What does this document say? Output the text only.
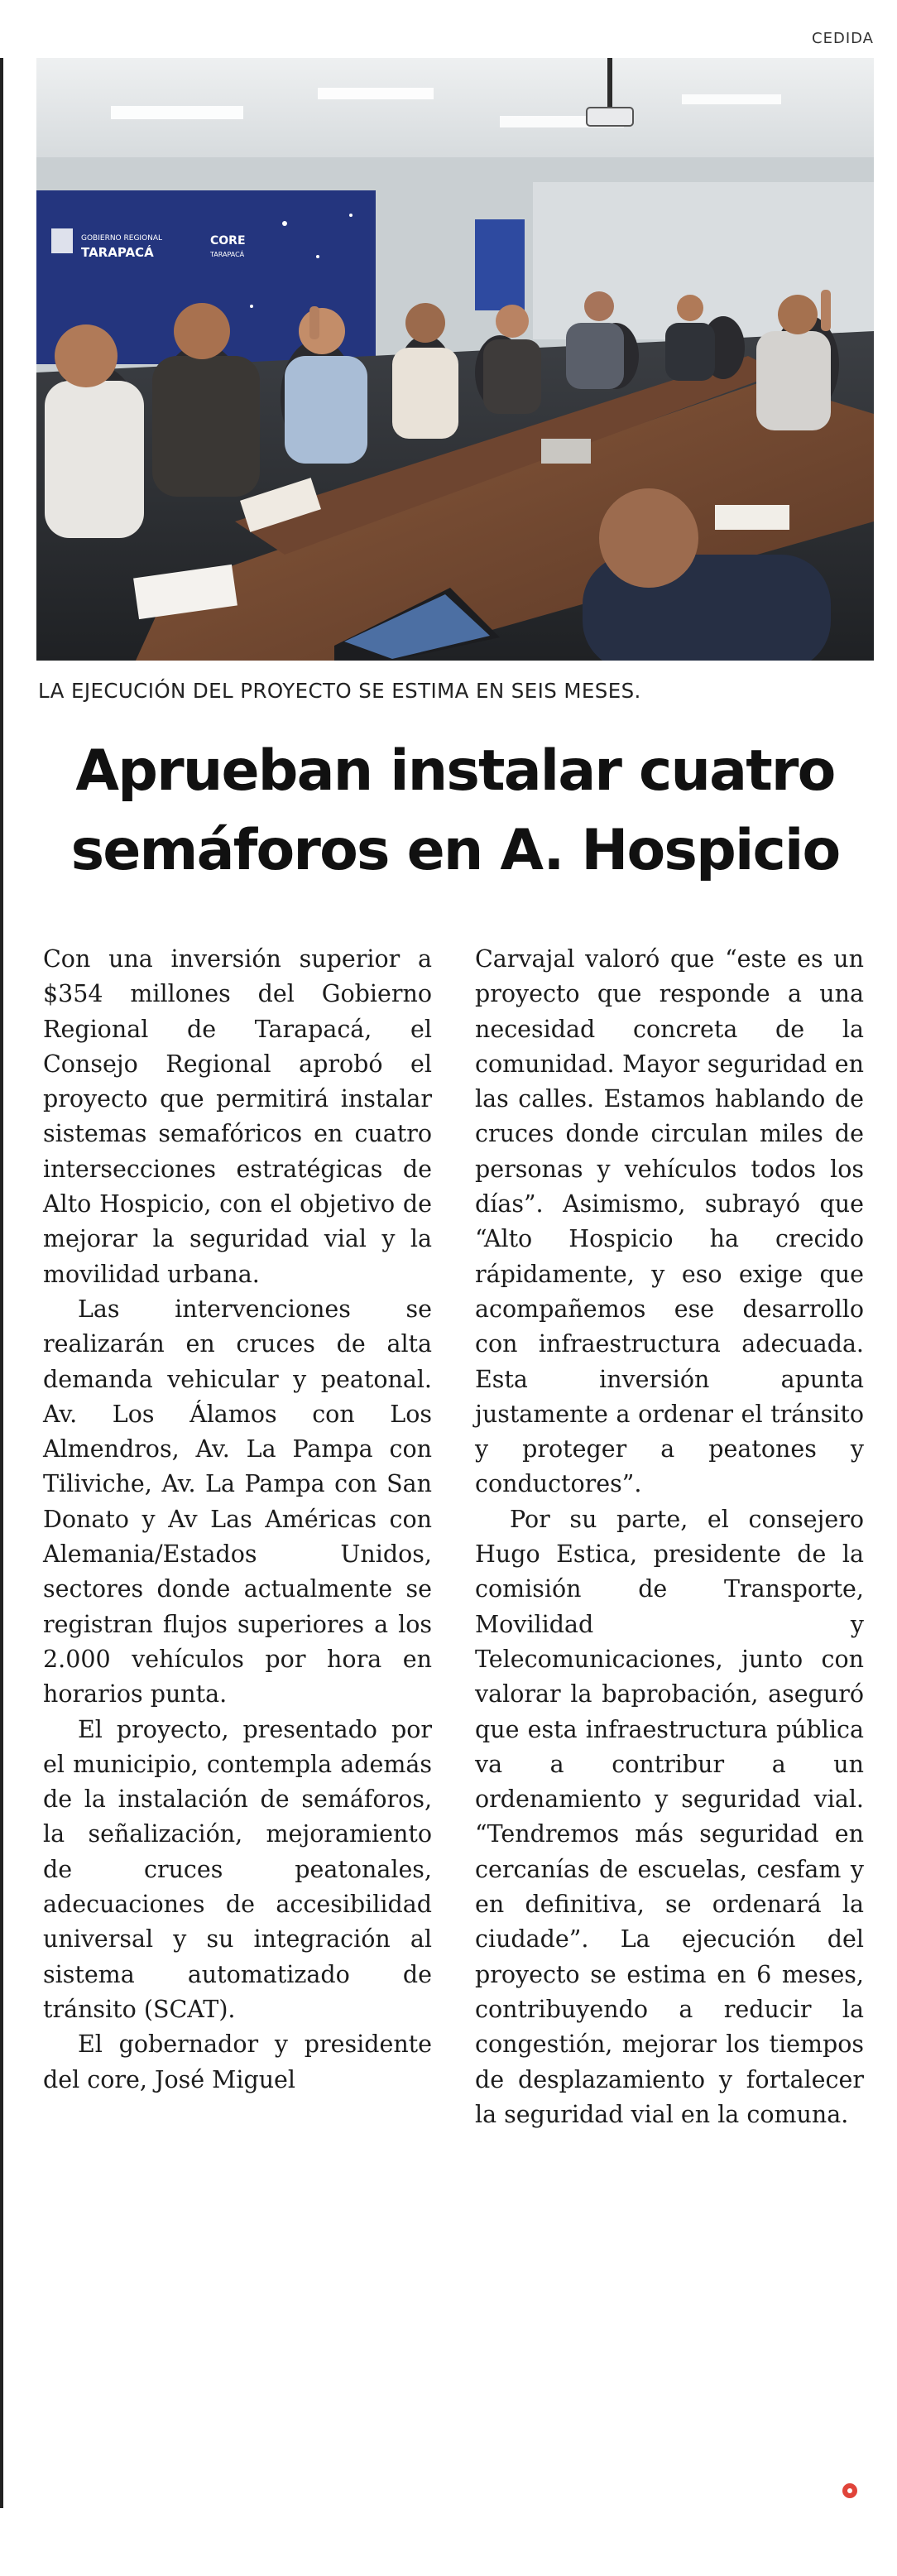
CEDIDA
GOBIERNO REGIONAL
TARAPACÁ
CORE
TARAPACÁ
LA EJECUCIÓN DEL PROYECTO SE ESTIMA EN SEIS MESES.
Aprueban instalar cuatro
semáforos en A. Hospicio

Con una inversión superior a $354 millones del Gobierno Regional de Tarapacá, el Consejo Regional aprobó el proyecto que permitirá instalar sistemas semafóricos en cuatro intersecciones estratégicas de Alto Hospicio, con el objetivo de mejorar la seguridad vial y la movilidad urbana.

Las intervenciones se realizarán en cruces de alta demanda vehicular y peatonal. Av. Los Álamos con Los Almendros, Av. La Pampa con Tiliviche, Av. La Pampa con San Donato y Av Las Américas con Alemania/Estados Unidos, sectores donde actualmente se registran flujos superiores a los 2.000 vehículos por hora en horarios punta.

El proyecto, presentado por el municipio, contempla además de la instalación de semáforos, la señalización, mejoramiento de cruces peatonales, adecuaciones de accesibilidad universal y su integración al sistema automatizado de tránsito (SCAT).

El gobernador y presidente del core, José Miguel

Carvajal valoró que “este es un proyecto que responde a una necesidad concreta de la comunidad. Mayor seguridad en las calles. Estamos hablando de cruces donde circulan miles de personas y vehículos todos los días”. Asimismo, subrayó que “Alto Hospicio ha crecido rápidamente, y eso exige que acompañemos ese desarrollo con infraestructura adecuada. Esta inversión apunta justamente a ordenar el tránsito y proteger a peatones y conductores”.

Por su parte, el consejero Hugo Estica, presidente de la comisión de Transporte, Movilidad y Telecomunicaciones, junto con valorar la baprobación, aseguró que esta infraestructura pública va a contribur a un ordenamiento y seguridad vial. “Tendremos más seguridad en cercanías de escuelas, cesfam y en definitiva, se ordenará la ciudade”. La ejecución del proyecto se estima en 6 meses, contribuyendo a reducir la congestión, mejorar los tiempos de desplazamiento y fortalecer la seguridad vial en la comuna.
